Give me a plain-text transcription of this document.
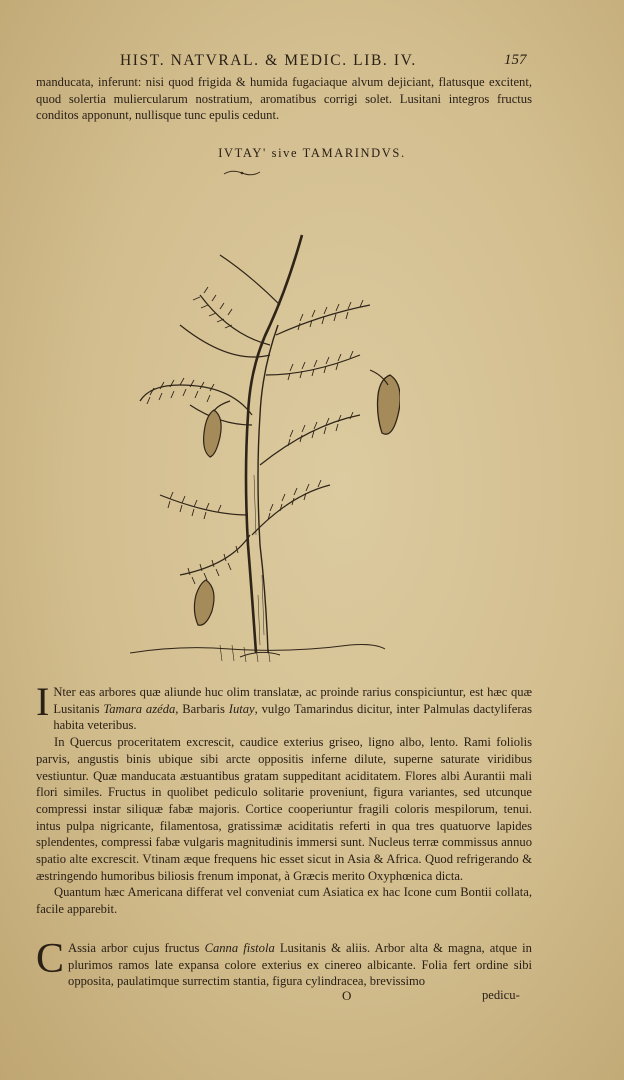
HIST. NATVRAL. & MEDIC. LIB. IV.	157

manducata, inferunt: nisi quod frigida & humida fugaciaque alvum dejiciant, flatusque excitent, quod solertia muliercularum nostratium, aromatibus corrigi solet. Lusitani integros fructus conditos apponunt, nullisque tunc epulis cedunt.

IVTAY' sive TAMARINDVS.

I Nter eas arbores quæ aliunde huc olim translatæ, ac proinde rarius conspiciuntur, est hæc quæ Lusitanis Tamara azéda, Barbaris Iutay, vulgo Tamarindus dicitur, inter Palmulas dactyliferas habita veteribus.

In Quercus proceritatem excrescit, caudice exterius griseo, ligno albo, lento. Rami foliolis parvis, angustis binis ubique sibi arcte oppositis inferne dilute, superne saturate viridibus vestiuntur. Quæ manducata æstuantibus gratam suppeditant aciditatem. Flores albi Aurantii mali flori similes. Fructus in quolibet pediculo solitarie proveniunt, figura variantes, sed utcunque compressi instar siliquæ fabæ majoris. Cortice cooperiuntur fragili coloris mespilorum, tenui. intus pulpa nigricante, filamentosa, gratissimæ aciditatis referti in qua tres quatuorve lapides splendentes, compressi fabæ vulgaris magnitudinis immersi sunt. Nucleus terræ commissus annuo spatio alte excrescit. Vtinam æque frequens hic esset sicut in Asia & Africa. Quod refrigerando & æstringendo humoribus biliosis frenum imponat, à Græcis merito Oxyphœnica dicta.

Quantum hæc Americana differat vel conveniat cum Asiatica ex hac Icone cum Bontii collata, facile apparebit.

C Assia arbor cujus fructus Canna fistola Lusitanis & aliis. Arbor alta & magna, atque in plurimos ramos late expansa colore exterius ex cinereo albicante. Folia fert ordine sibi opposita, paulatimque surrectim stantia, figura cylindracea, brevissimo

O	pedicu-
